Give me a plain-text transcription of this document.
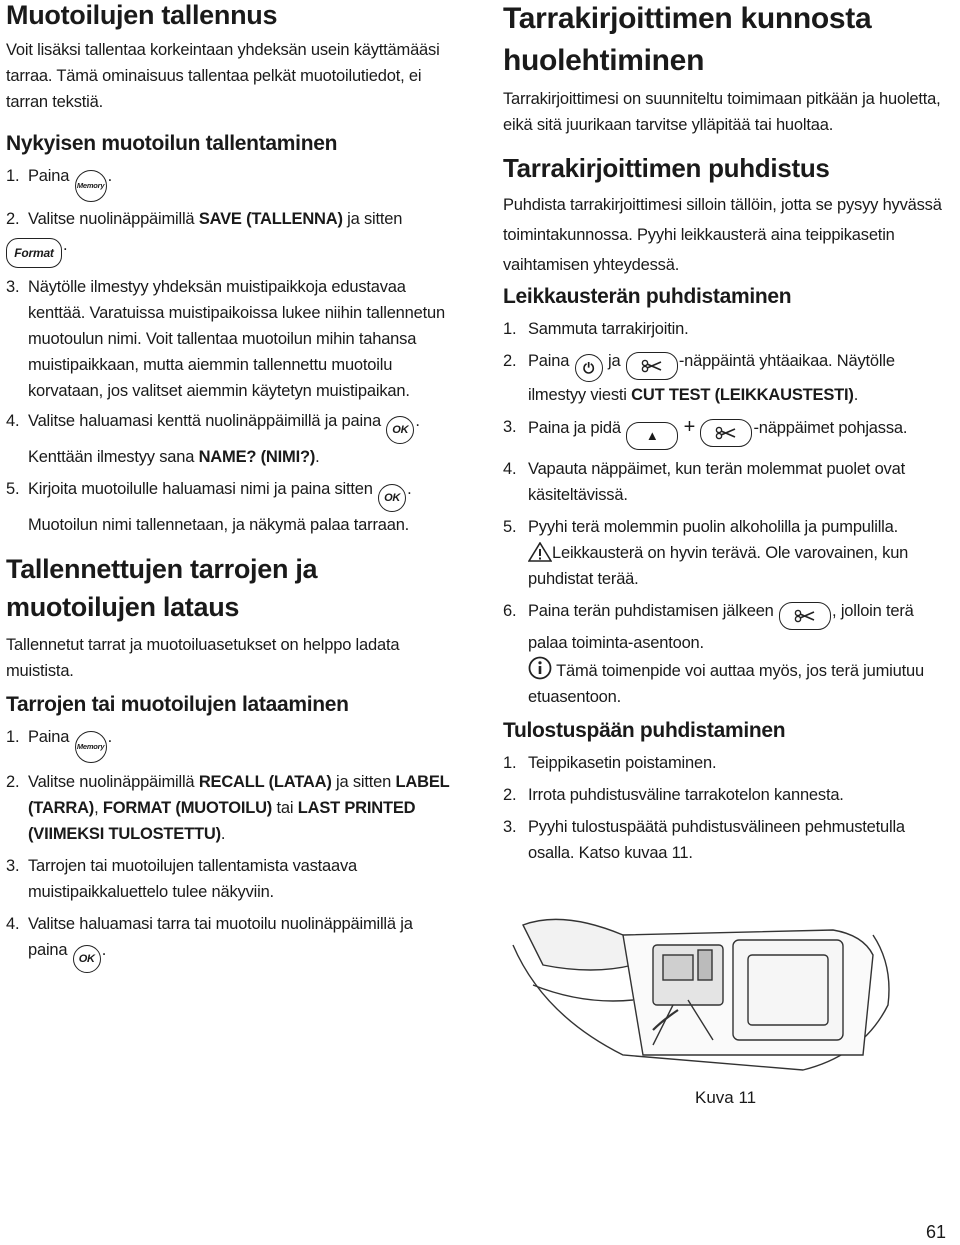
Muotoilujen tallennus

Voit lisäksi tallentaa korkeintaan yhdeksän usein käyttämääsi tarraa. Tämä ominaisuus tallentaa pelkät muotoilutiedot, ei tarran tekstiä.

Nykyisen muotoilun tallentaminen
1. Paina Memory.
2. Valitse nuolinäppäimillä SAVE (TALLENNA) ja sitten
Format .
3. Näytölle ilmestyy yhdeksän muistipaikkoja edustavaa kenttää. Varatuissa muistipaikoissa lukee niihin tallennetun muotoulun nimi. Voit tallentaa muotoilun mihin tahansa muistipaikkaan, mutta aiemmin tallennettu muotoilu korvataan, jos valitset aiemmin käytetyn muistipaikan.
4. Valitse haluamasi kenttä nuolinäppäimillä ja paina OK .
Kenttään ilmestyy sana NAME? (NIMI?).
5. Kirjoita muotoilulle haluamasi nimi ja paina sitten OK .
Muotoilun nimi tallennetaan, ja näkymä palaa tarraan.
Tallennettujen tarrojen ja muotoilujen lataus

Tallennetut tarrat ja muotoiluasetukset on helppo ladata muistista.

Tarrojen tai muotoilujen lataaminen
1. Paina Memory.
2. Valitse nuolinäppäimillä RECALL (LATAA) ja sitten LABEL (TARRA), FORMAT (MUOTOILU) tai LAST PRINTED (VIIMEKSI TULOSTETTU).
3. Tarrojen tai muotoilujen tallentamista vastaava muistipaikkaluettelo tulee näkyviin.
4. Valitse haluamasi tarra tai muotoilu nuolinäppäimillä ja paina OK .
Tarrakirjoittimen kunnosta huolehtiminen

Tarrakirjoittimesi on suunniteltu toimimaan pitkään ja huoletta, eikä sitä juurikaan tarvitse ylläpitää tai huoltaa.

Tarrakirjoittimen puhdistus

Puhdista tarrakirjoittimesi silloin tällöin, jotta se pysyy hyvässä toimintakunnossa. Pyyhi leikkausterä aina teippikasetin vaihtamisen yhteydessä.

Leikkausterän puhdistaminen
1. Sammuta tarrakirjoitin.
2. Paina ⏻ ja	-näppäintä yhtäaikaa. Näytölle ilmestyy viesti CUT TEST (LEIKKAUSTESTI).
3. Paina ja pidä ▲ +	-näppäimet pohjassa.
4. Vapauta näppäimet, kun terän molemmat puolet ovat käsiteltävissä.
5. Pyyhi terä molemmin puolin alkoholilla ja pumpulilla.

Leikkausterä on hyvin terävä. Ole varovainen, kun puhdistat terää.
6. Paina terän puhdistamisen jälkeen	, jolloin terä palaa toiminta-asentoon.

Tämä toimenpide voi auttaa myös, jos terä jumiutuu etuasentoon.
Tulostuspään puhdistaminen
1. Teippikasetin poistaminen.
2. Irrota puhdistusväline tarrakotelon kannesta.
3. Pyyhi tulostuspäätä puhdistusvälineen pehmustetulla osalla. Katso kuvaa 11.
Kuva 11
61
